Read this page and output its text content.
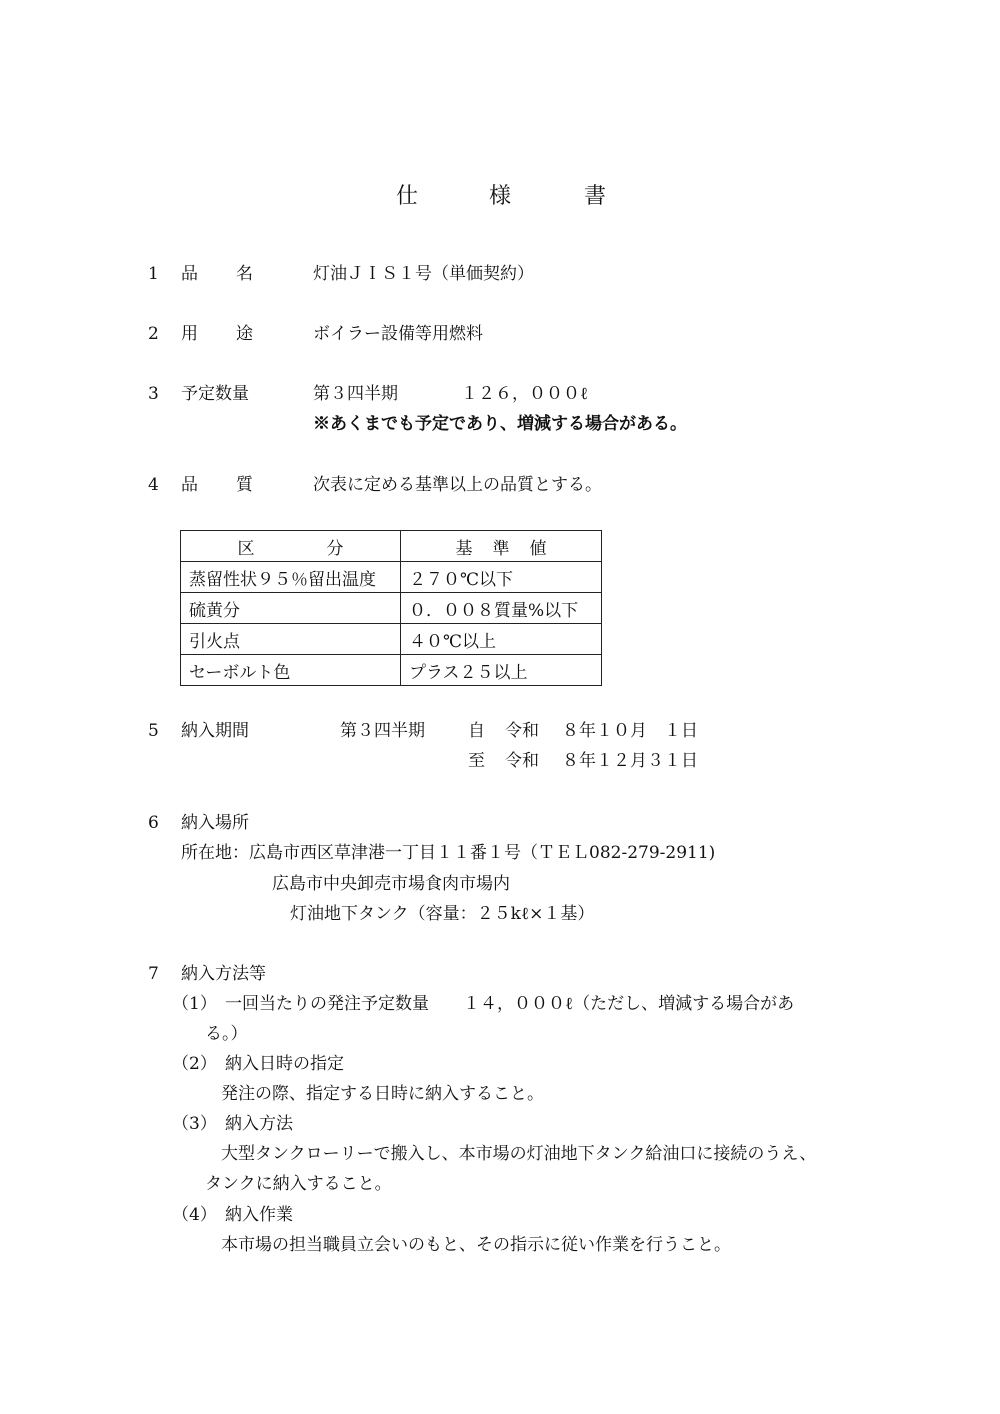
仕	様	書
1 品 名	灯油ＪＩＳ１号（単価契約）
2 用 途	ボイラー設備等用燃料
3 予定数量	第３四半期	１２６，０００ℓ
※あくまでも予定であり、増減する場合がある。
4 品 質	次表に定める基準以上の品質とする。
区 分	基 準 値
蒸留性状９５％留出温度	２７０℃以下
硫黄分	０．００８質量%以下
引火点	４０℃以上
セーボルト色	プラス２５以上
5 納入期間	第３四半期	自 令和 ８年１０月　１日
至 令和 ８年１２月３１日
6 納入場所
所在地：広島市西区草津港一丁目１１番１号（ＴＥＬ082-279-2911)
広島市中央卸売市場食肉市場内
灯油地下タンク（容量：２５kℓ×１基）
7 納入方法等
（1） 一回当たりの発注予定数量　　１４，０００ℓ（ただし、増減する場合があ
る。）
（2） 納入日時の指定
発注の際、指定する日時に納入すること。
（3） 納入方法
大型タンクローリーで搬入し、本市場の灯油地下タンク給油口に接続のうえ、
タンクに納入すること。
（4） 納入作業
本市場の担当職員立会いのもと、その指示に従い作業を行うこと。
